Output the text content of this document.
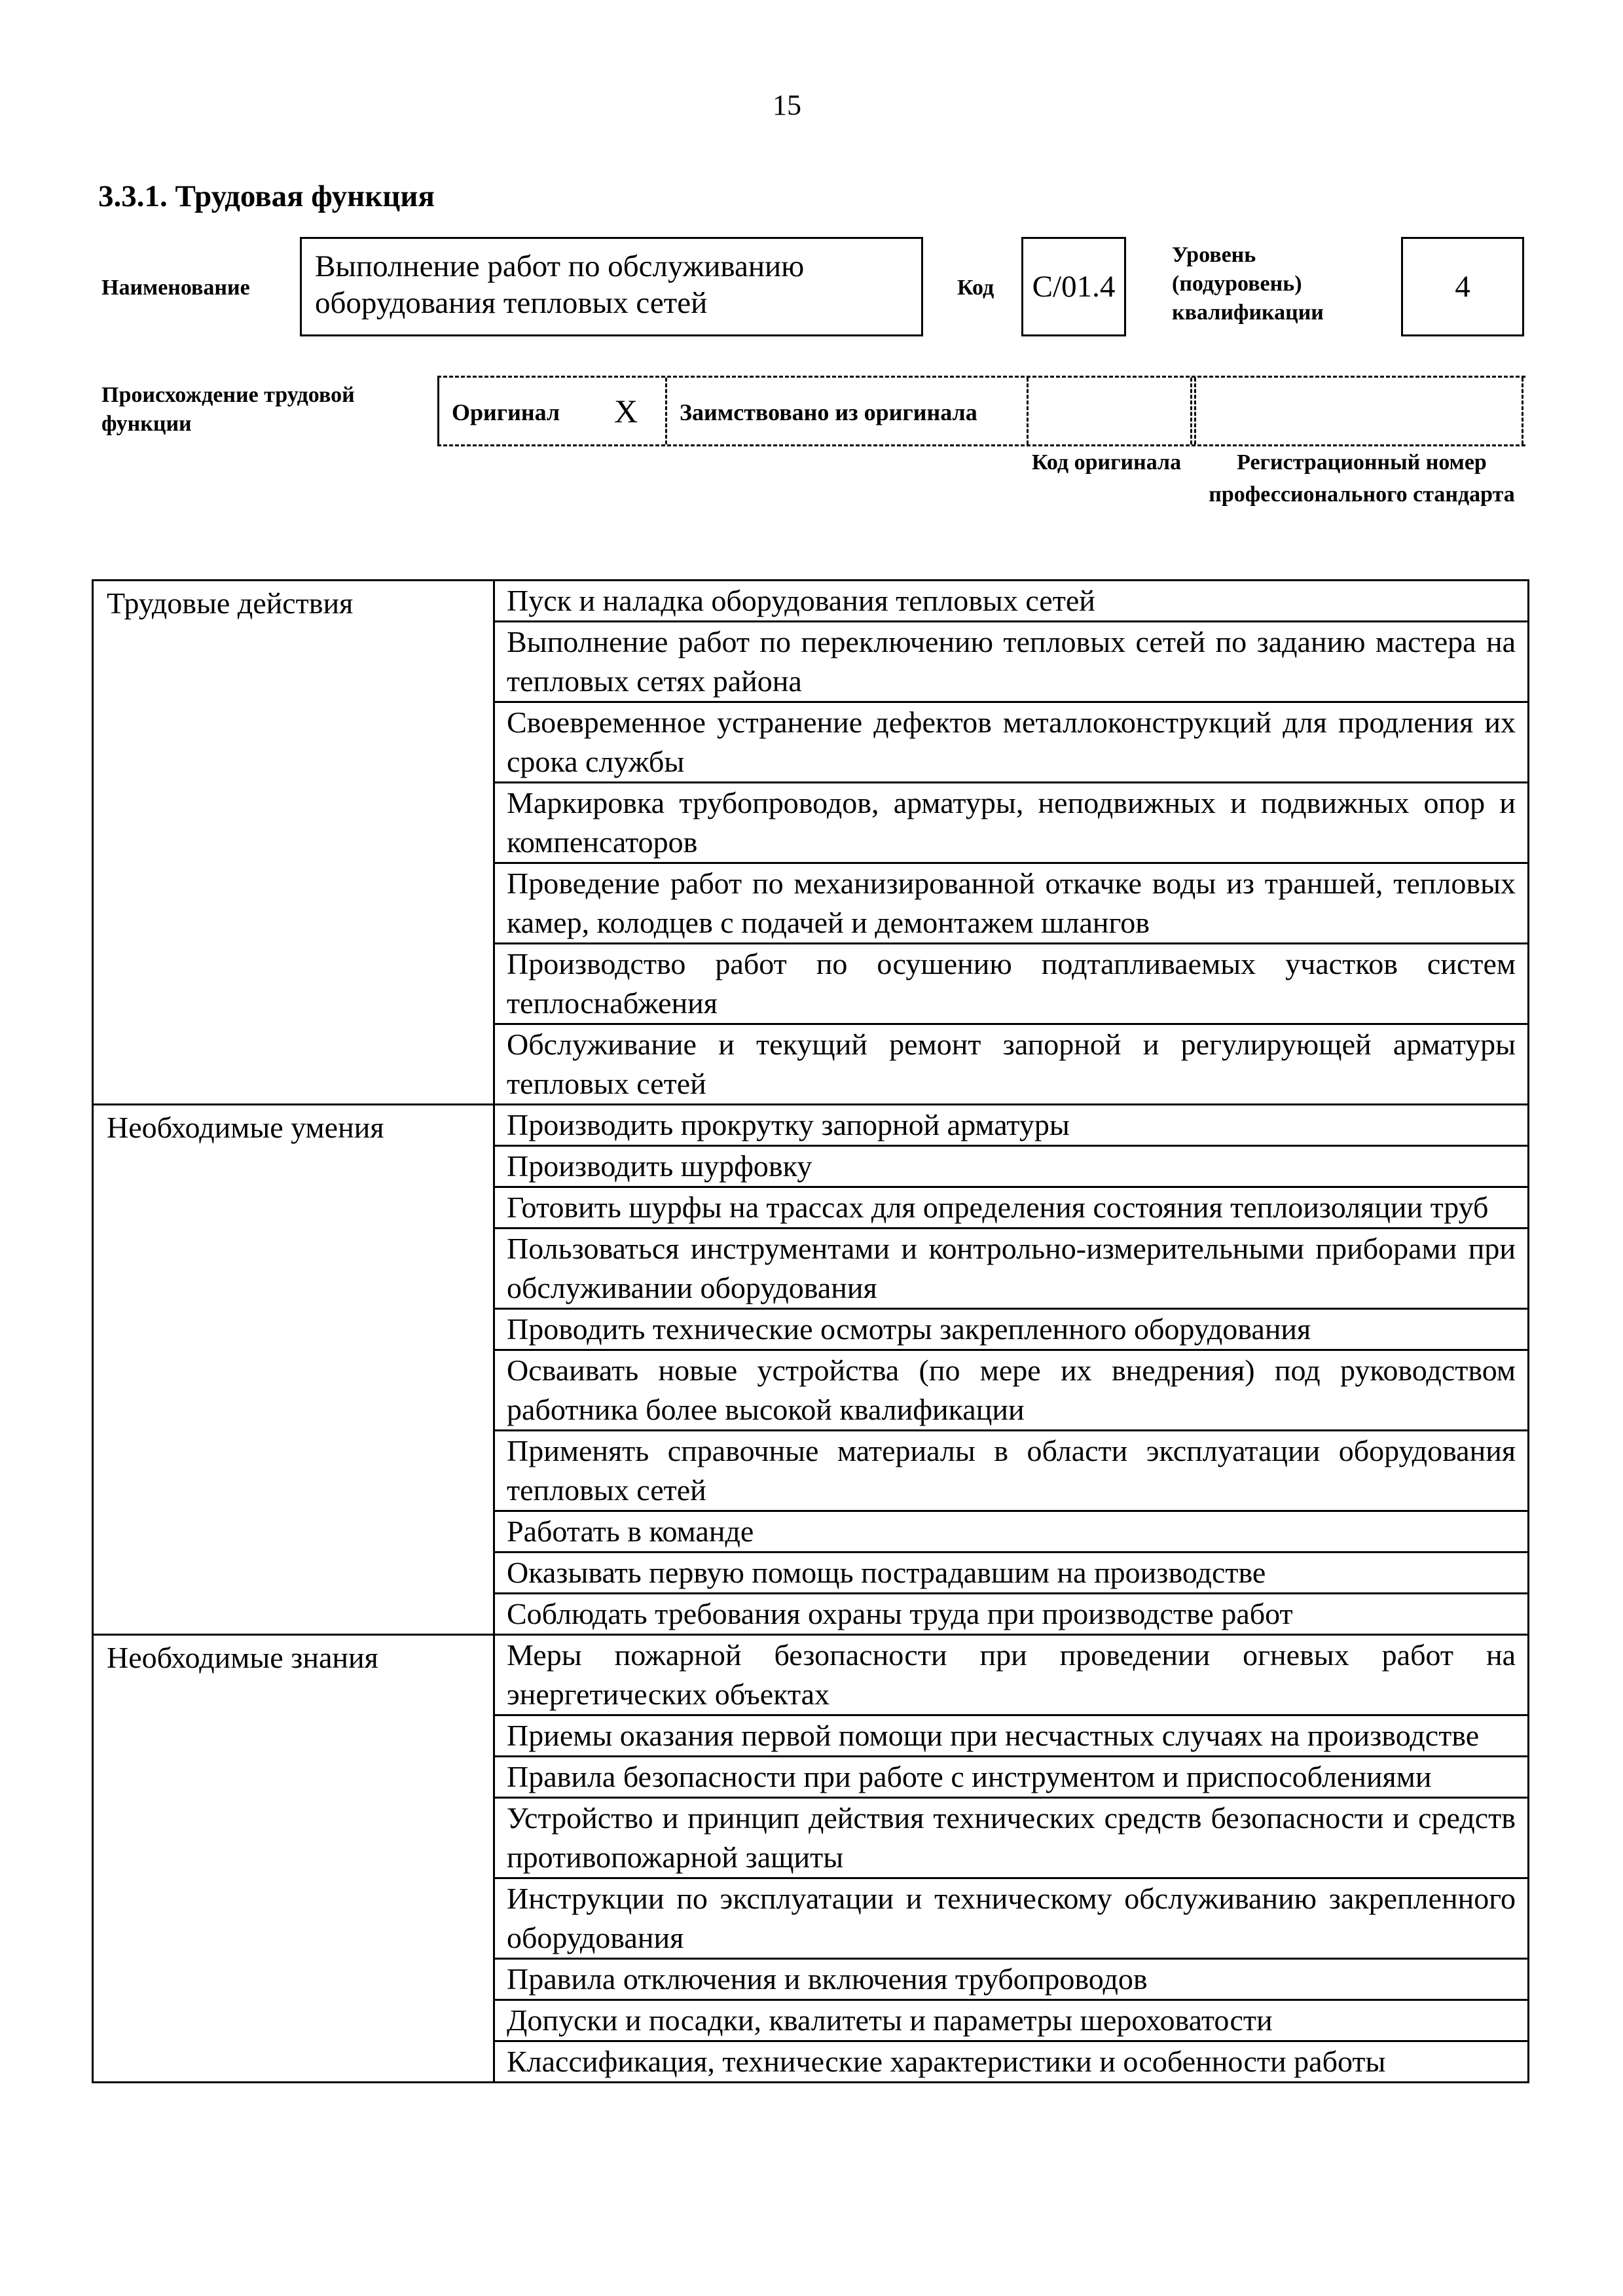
15
3.3.1. Трудовая функция
Наименование
Выполнение работ по обслуживанию оборудования тепловых сетей	Код	C/01.4
Уровень (подуровень) квалификации
4
Происхождение трудовой функции	Оригинал X Заимствовано из оригинала
Код оригинала	Регистрационный номер профессионального стандарта
Трудовые действия	Пуск и наладка оборудования тепловых сетей
	Выполнение работ по переключению тепловых сетей по заданию мастера на тепловых сетях района
	Своевременное устранение дефектов металлоконструкций для продления их срока службы
	Маркировка трубопроводов, арматуры, неподвижных и подвижных опор и компенсаторов
	Проведение работ по механизированной откачке воды из траншей, тепловых камер, колодцев с подачей и демонтажем шлангов
	Производство работ по осушению подтапливаемых участков систем теплоснабжения
	Обслуживание и текущий ремонт запорной и регулирующей арматуры тепловых сетей
Необходимые умения	Производить прокрутку запорной арматуры
	Производить шурфовку
	Готовить шурфы на трассах для определения состояния теплоизоляции труб
	Пользоваться инструментами и контрольно-измерительными приборами при обслуживании оборудования
	Проводить технические осмотры закрепленного оборудования
	Осваивать новые устройства (по мере их внедрения) под руководством работника более высокой квалификации
	Применять справочные материалы в области эксплуатации оборудования тепловых сетей
	Работать в команде
	Оказывать первую помощь пострадавшим на производстве
	Соблюдать требования охраны труда при производстве работ
Необходимые знания	Меры пожарной безопасности при проведении огневых работ на энергетических объектах
	Приемы оказания первой помощи при несчастных случаях на производстве
	Правила безопасности при работе с инструментом и приспособлениями
	Устройство и принцип действия технических средств безопасности и средств противопожарной защиты
	Инструкции по эксплуатации и техническому обслуживанию закрепленного оборудования
	Правила отключения и включения трубопроводов
	Допуски и посадки, квалитеты и параметры шероховатости
	Классификация, технические характеристики и особенности работы
